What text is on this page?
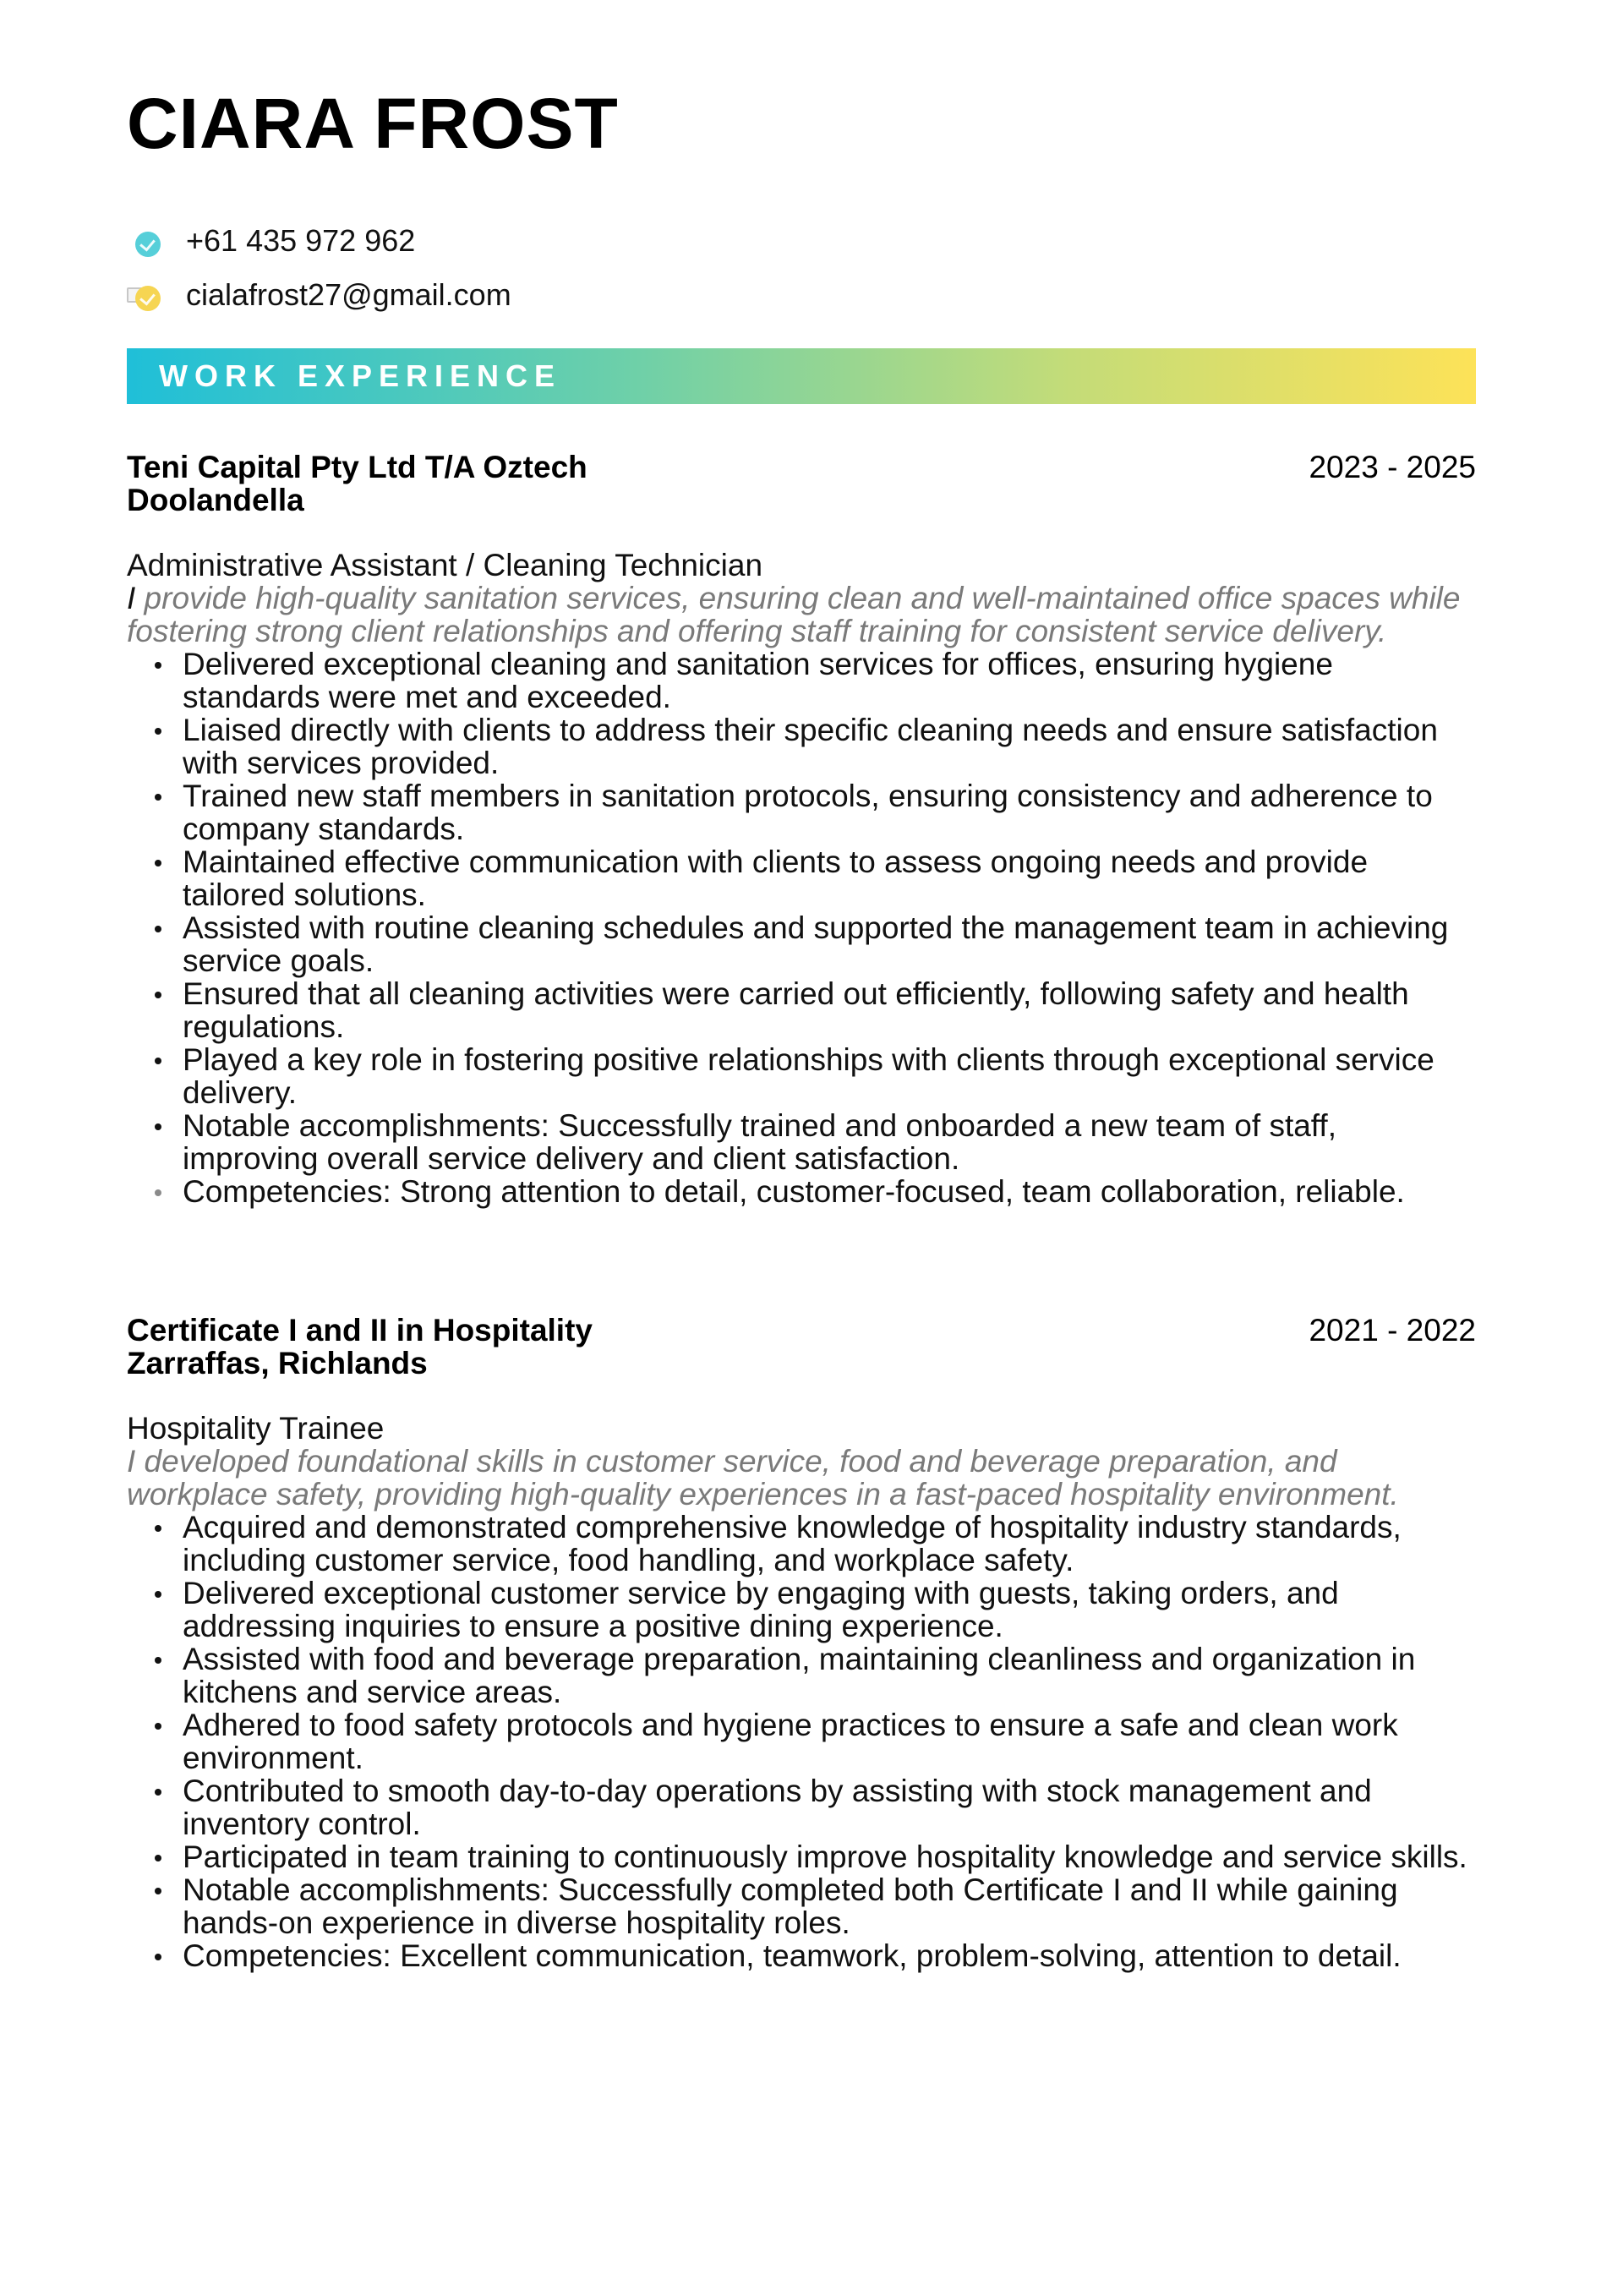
CIARA FROST
+61 435 972 962
cialafrost27@gmail.com
WORK EXPERIENCE
Teni Capital Pty Ltd T/A Oztech
Doolandella
2023 - 2025
Administrative Assistant / Cleaning Technician
I provide high-quality sanitation services, ensuring clean and well-maintained office spaces while fostering strong client relationships and offering staff training for consistent service delivery.
Delivered exceptional cleaning and sanitation services for offices, ensuring hygiene standards were met and exceeded.
Liaised directly with clients to address their specific cleaning needs and ensure satisfaction with services provided.
Trained new staff members in sanitation protocols, ensuring consistency and adherence to company standards.
Maintained effective communication with clients to assess ongoing needs and provide tailored solutions.
Assisted with routine cleaning schedules and supported the management team in achieving service goals.
Ensured that all cleaning activities were carried out efficiently, following safety and health regulations.
Played a key role in fostering positive relationships with clients through exceptional service delivery.
Notable accomplishments: Successfully trained and onboarded a new team of staff, improving overall service delivery and client satisfaction.
Competencies: Strong attention to detail, customer-focused, team collaboration, reliable.
Certificate I and II in Hospitality
Zarraffas, Richlands
2021 - 2022
Hospitality Trainee
I developed foundational skills in customer service, food and beverage preparation, and workplace safety, providing high-quality experiences in a fast-paced hospitality environment.
Acquired and demonstrated comprehensive knowledge of hospitality industry standards, including customer service, food handling, and workplace safety.
Delivered exceptional customer service by engaging with guests, taking orders, and addressing inquiries to ensure a positive dining experience.
Assisted with food and beverage preparation, maintaining cleanliness and organization in kitchens and service areas.
Adhered to food safety protocols and hygiene practices to ensure a safe and clean work environment.
Contributed to smooth day-to-day operations by assisting with stock management and inventory control.
Participated in team training to continuously improve hospitality knowledge and service skills.
Notable accomplishments: Successfully completed both Certificate I and II while gaining hands-on experience in diverse hospitality roles.
Competencies: Excellent communication, teamwork, problem-solving, attention to detail.
